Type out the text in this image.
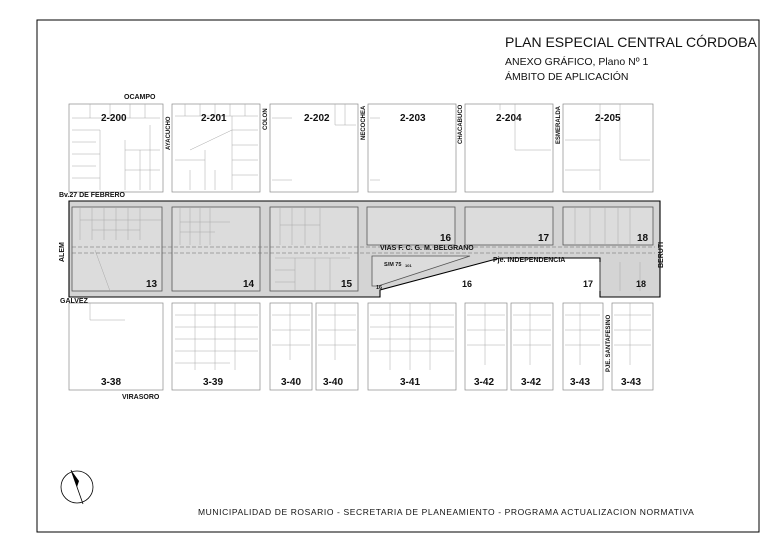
PLAN ESPECIAL CENTRAL CÓRDOBA
ANEXO GRÁFICO, Plano Nº 1
ÁMBITO DE APLICACIÓN
2-200	2-201	2-202	2-203	2-204	2-205
13	14	15
16	17	18
16	17	18
16
S/M 75 101
3-38	3-39	3-40 3-40	3-41	3-42	3-42	3-43	3-43
OCAMPO
Bv.27 DE FEBRERO
GALVEZ
VIRASORO
Pje. INDEPENDENCIA
VIAS F. C. G. M. BELGRANO
ALEM	BERUTI
AYACUCHO	COLON	NECOCHEA	CHACABUCO	ESMERALDA
PJE. SANTAFESINO
MUNICIPALIDAD DE ROSARIO - SECRETARIA DE PLANEAMIENTO - PROGRAMA ACTUALIZACION NORMATIVA
